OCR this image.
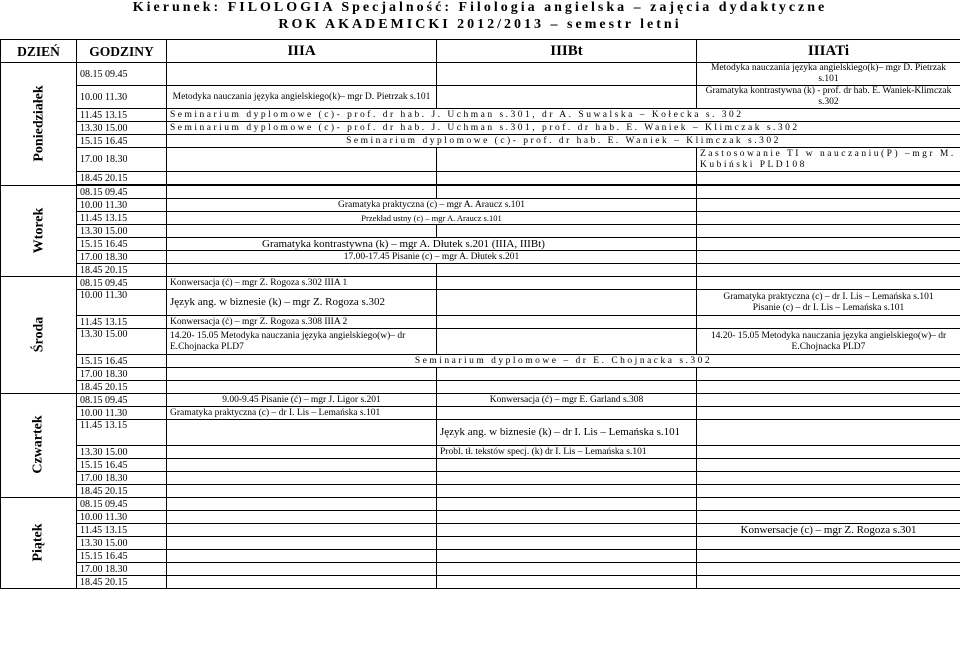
Kierunek: FILOLOGIA Specjalność: Filologia angielska – zajęcia dydaktyczne
ROK AKADEMICKI 2012/2013 – semestr letni
DZIEŃ	GODZINY	IIIA	IIIBt	IIIATi
Poniedziałek	08.15 09.45			Metodyka nauczania języka angielskiego(k)– mgr D. Pietrzak s.101
	10.00 11.30	Metodyka nauczania języka angielskiego(k)– mgr D. Pietrzak s.101		Gramatyka kontrastywna (k) - prof. dr hab. E. Waniek-Klimczak s.302
	11.45 13.15	Seminarium dyplomowe (c)- prof. dr hab. J. Uchman s.301, dr A. Suwalska – Kołecka s. 302		
	13.30 15.00	Seminarium dyplomowe (c)- prof. dr hab. J. Uchman s.301, prof. dr hab. E. Waniek – Klimczak s.302		
	15.15 16.45	Seminarium dyplomowe (c)- prof. dr hab. E. Waniek – Klimczak s.302		
	17.00 18.30			Zastosowanie TI w nauczaniu(P) –mgr M. Kubiński PLD108
	18.45 20.15			

Wtorek	08.15 09.45			
	10.00 11.30	Gramatyka praktyczna (c) – mgr A. Araucz s.101		
	11.45 13.15	Przekład ustny (c) – mgr A. Araucz s.101		
	13.30 15.00			
	15.15 16.45	Gramatyka kontrastywna (k) – mgr A. Dłutek s.201 (IIIA, IIIBt)		
	17.00 18.30	17.00-17.45 Pisanie (c) – mgr A. Dłutek s.201		
	18.45 20.15			
Środa	08.15 09.45	Konwersacja (ć) – mgr Z. Rogoza s.302 IIIA 1		
	10.00 11.30	Język ang. w biznesie (k) – mgr Z. Rogoza s.302		Gramatyka praktyczna (c) – dr I. Lis – Lemańska s.101
Pisanie (c) – dr I. Lis – Lemańska s.101

	11.45 13.15	Konwersacja (ć) – mgr Z. Rogoza s.308 IIIA 2		
	13.30 15.00	14.20- 15.05 Metodyka nauczania języka angielskiego(w)– dr E.Chojnacka PLD7		14.20- 15.05 Metodyka nauczania języka angielskiego(w)– dr E.Chojnacka PLD7
	15.15 16.45	Seminarium dyplomowe – dr E. Chojnacka s.302		
	17.00 18.30			
	18.45 20.15			
Czwartek	08.15 09.45	9.00-9.45 Pisanie (ć) – mgr J. Ligor s.201	Konwersacja (ć) – mgr E. Garland s.308	
	10.00 11.30	Gramatyka praktyczna (c) – dr I. Lis – Lemańska s.101		
	11.45 13.15		Język ang. w biznesie (k) – dr I. Lis – Lemańska s.101	
	13.30 15.00		Probl. tł. tekstów specj. (k) dr I. Lis – Lemańska s.101	
	15.15 16.45			
	17.00 18.30			
	18.45 20.15			
Piątek	08.15 09.45			
	10.00 11.30			
	11.45 13.15			Konwersacje (c) – mgr Z. Rogoza s.301
	13.30 15.00			
	15.15 16.45			
	17.00 18.30			
	18.45 20.15			
